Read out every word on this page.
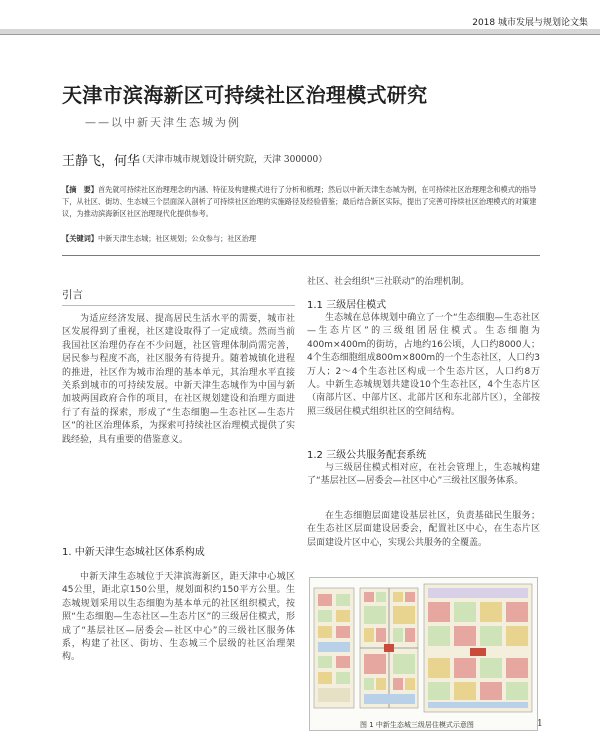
2018 城市发展与规划论文集
天津市滨海新区可持续社区治理模式研究
——以中新天津生态城为例
王静飞，何华
（天津市城市规划设计研究院，天津 300000）
【摘　要】首先就可持续社区治理理念的内涵、特征及构建模式进行了分析和梳理；然后以中新天津生态城为例，在可持续社区治理理念和模式的指导下，从社区、街坊、生态城三个层面深入剖析了可持续社区治理的实施路径及经验借鉴；最后结合新区实际，提出了完善可持续社区治理模式的对策建议，为推动滨海新区社区治理现代化提供参考。
【关键词】中新天津生态城；社区规划；公众参与；社区治理
引言
为适应经济发展、提高居民生活水平的需要，城市社区发展得到了重视，社区建设取得了一定成绩。然而当前我国社区治理仍存在不少问题，社区管理体制尚需完善，居民参与程度不高，社区服务有待提升。随着城镇化进程的推进，社区作为城市治理的基本单元，其治理水平直接关系到城市的可持续发展。中新天津生态城作为中国与新加坡两国政府合作的项目，在社区规划建设和治理方面进行了有益的探索，形成了“生态细胞—生态社区—生态片区”的社区治理体系，为探索可持续社区治理模式提供了实践经验，具有重要的借鉴意义。
1. 中新天津生态城社区体系构成
中新天津生态城位于天津滨海新区，距天津中心城区45公里，距北京150公里，规划面积约150平方公里。生态城规划采用以生态细胞为基本单元的社区组织模式，按照“生态细胞—生态社区—生态片区”的三级居住模式，形成了“基层社区—居委会—社区中心”的三级社区服务体系，构建了社区、街坊、生态城三个层级的社区治理架构。
社区、社会组织“三社联动”的治理机制。
1.1 三级居住模式
生态城在总体规划中确立了一个“生态细胞—生态社区—生态片区”的三级组团居住模式。生态细胞为400m×400m的街坊，占地约16公顷，人口约8000人；4个生态细胞组成800m×800m的一个生态社区，人口约3万人；2～4个生态社区构成一个生态片区，人口约8万人。中新生态城规划共建设10个生态社区，4个生态片区（南部片区、中部片区、北部片区和东北部片区），全部按照三级居住模式组织社区的空间结构。
1.2 三级公共服务配套系统
与三级居住模式相对应，在社会管理上，生态城构建了“基层社区—居委会—社区中心”三级社区服务体系。
在生态细胞层面建设基层社区，负责基础民生服务；在生态社区层面建设居委会，配置社区中心，在生态片区层面建设片区中心，实现公共服务的全覆盖。
图 1 中新生态城三级居住模式示意图	1
